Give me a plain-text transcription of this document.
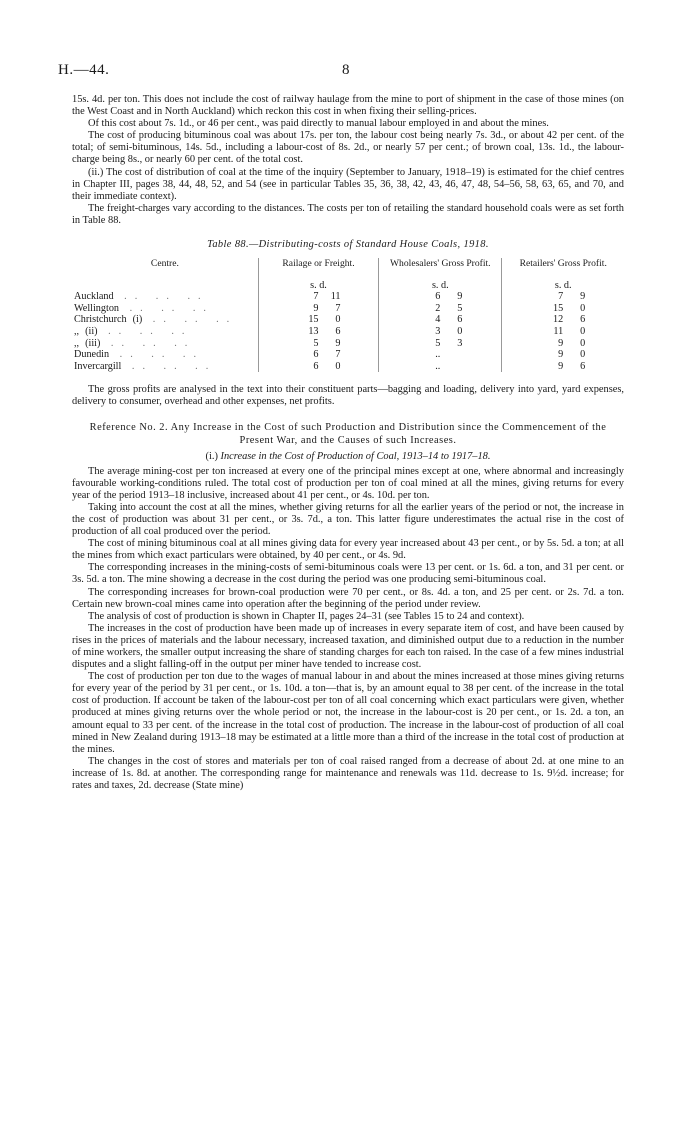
H.—44.	8

15s. 4d. per ton. This does not include the cost of railway haulage from the mine to port of shipment in the case of those mines (on the West Coast and in North Auckland) which reckon this cost in when fixing their selling-prices.

Of this cost about 7s. 1d., or 46 per cent., was paid directly to manual labour employed in and about the mines.

The cost of producing bituminous coal was about 17s. per ton, the labour cost being nearly 7s. 3d., or about 42 per cent. of the total; of semi-bituminous, 14s. 5d., including a labour-cost of 8s. 2d., or nearly 57 per cent.; of brown coal, 13s. 1d., the labour-charge being 8s., or nearly 60 per cent. of the total cost.

(ii.) The cost of distribution of coal at the time of the inquiry (September to January, 1918–19) is estimated for the chief centres in Chapter III, pages 38, 44, 48, 52, and 54 (see in particular Tables 35, 36, 38, 42, 43, 46, 47, 48, 54–56, 58, 63, 65, and 70, and their immediate context).

The freight-charges vary according to the distances. The costs per ton of retailing the standard household coals were as set forth in Table 88.

Table 88.—Distributing-costs of Standard House Coals, 1918.
Centre.	Railage or Freight.	Wholesalers' Gross Profit.	Retailers' Gross Profit.
	s. d.	s. d.	s. d.
Auckland .. .. ..	7 11	6 9	7 9
Wellington .. .. ..	9 7	2 5	15 0
Christchurch (i) .. .. ..	15 0	4 6	12 6
,, (ii) .. .. ..	13 6	3 0	11 0
,, (iii) .. .. ..	5 9	5 3	9 0
Dunedin .. .. ..	6 7	..	9 0
Invercargill .. .. ..	6 0	..	9 6

The gross profits are analysed in the text into their constituent parts—bagging and loading, delivery into yard, yard expenses, delivery to consumer, overhead and other expenses, net profits.

Reference No. 2. Any Increase in the Cost of such Production and Distribution since the Commencement of the Present War, and the Causes of such Increases.
(i.) Increase in the Cost of Production of Coal, 1913–14 to 1917–18.

The average mining-cost per ton increased at every one of the principal mines except at one, where abnormal and increasingly favourable working-conditions ruled. The total cost of production per ton of coal mined at all the mines, giving returns for every year of the period 1913–18 inclusive, increased about 41 per cent., or 4s. 10d. per ton.

Taking into account the cost at all the mines, whether giving returns for all the earlier years of the period or not, the increase in the cost of production was about 31 per cent., or 3s. 7d., a ton. This latter figure underestimates the actual rise in the cost of production of all coal produced over the period.

The cost of mining bituminous coal at all mines giving data for every year increased about 43 per cent., or by 5s. 5d. a ton; at all the mines from which exact particulars were obtained, by 40 per cent., or 4s. 9d.

The corresponding increases in the mining-costs of semi-bituminous coals were 13 per cent. or 1s. 6d. a ton, and 31 per cent. or 3s. 5d. a ton. The mine showing a decrease in the cost during the period was one producing semi-bituminous coal.

The corresponding increases for brown-coal production were 70 per cent., or 8s. 4d. a ton, and 25 per cent. or 2s. 7d. a ton. Certain new brown-coal mines came into operation after the beginning of the period under review.

The analysis of cost of production is shown in Chapter II, pages 24–31 (see Tables 15 to 24 and context).

The increases in the cost of production have been made up of increases in every separate item of cost, and have been caused by rises in the prices of materials and the labour necessary, increased taxation, and diminished output due to a reduction in the number of mine workers, the smaller output increasing the share of standing charges for each ton raised. In the case of a few mines industrial disputes and a slight falling-off in the output per miner have tended to increase cost.

The cost of production per ton due to the wages of manual labour in and about the mines increased at those mines giving returns for every year of the period by 31 per cent., or 1s. 10d. a ton—that is, by an amount equal to 38 per cent. of the increase in the total cost of production. If account be taken of the labour-cost per ton of all coal concerning which exact particulars were given, whether produced at mines giving returns over the whole period or not, the increase in the labour-cost is 20 per cent., or 1s. 2d. a ton, an amount equal to 33 per cent. of the increase in the total cost of production. The increase in the labour-cost of production of all coal mined in New Zealand during 1913–18 may be estimated at a little more than a third of the increase in the total cost of production at the mines.

The changes in the cost of stores and materials per ton of coal raised ranged from a decrease of about 2d. at one mine to an increase of 1s. 8d. at another. The corresponding range for maintenance and renewals was 11d. decrease to 1s. 9½d. increase; for rates and taxes, 2d. decrease (State mine)
